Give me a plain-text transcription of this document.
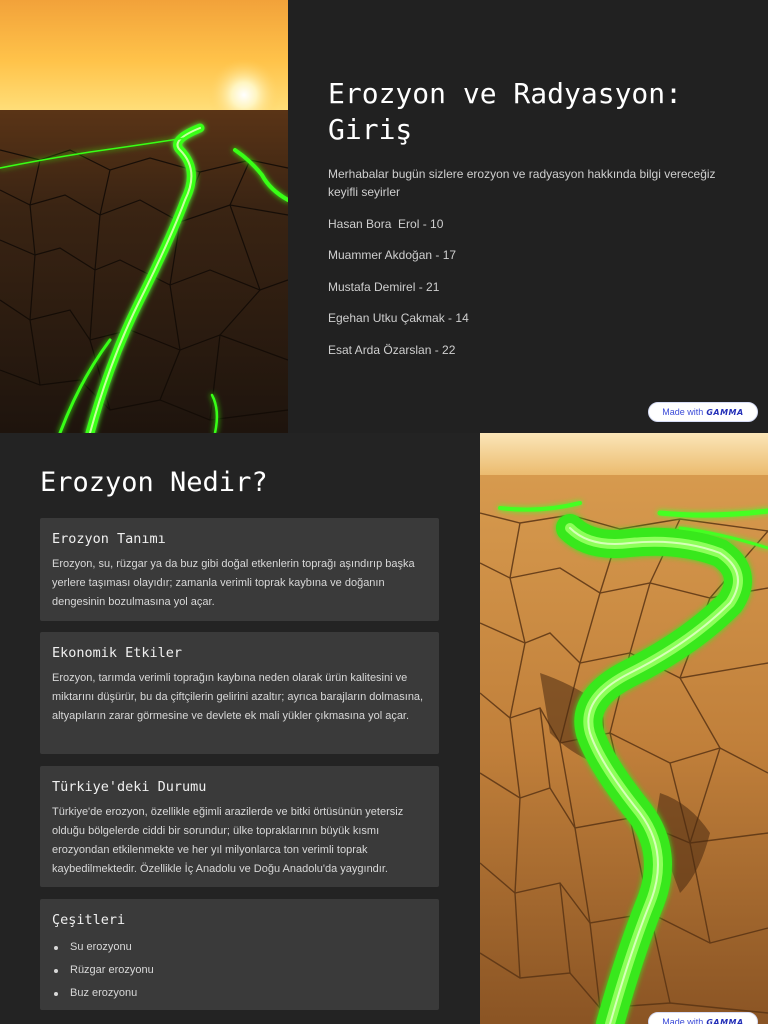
Erozyon ve Radyasyon: Giriş

Merhabalar bugün sizlere erozyon ve radyasyon hakkında bilgi vereceğiz keyifli seyirler

Hasan Bora  Erol - 10
Muammer Akdoğan - 17
Mustafa Demirel - 21
Egehan Utku Çakmak - 14
Esat Arda Özarslan - 22
Made with GAMMA
Erozyon Nedir?
Erozyon Tanımı

Erozyon, su, rüzgar ya da buz gibi doğal etkenlerin toprağı aşındırıp başka yerlere taşıması olayıdır; zamanla verimli toprak kaybına ve doğanın dengesinin bozulmasına yol açar.

Ekonomik Etkiler

Erozyon, tarımda verimli toprağın kaybına neden olarak ürün kalitesini ve miktarını düşürür, bu da çiftçilerin gelirini azaltır; ayrıca barajların dolmasına, altyapıların zarar görmesine ve devlete ek mali yükler çıkmasına yol açar.

Türkiye'deki Durumu

Türkiye'de erozyon, özellikle eğimli arazilerde ve bitki örtüsünün yetersiz olduğu bölgelerde ciddi bir sorundur; ülke topraklarının büyük kısmı erozyondan etkilenmekte ve her yıl milyonlarca ton verimli toprak kaybedilmektedir. Özellikle İç Anadolu ve Doğu Anadolu'da yaygındır.

Çeşitleri
Su erozyonu
Rüzgar erozyonu
Buz erozyonu
Made with GAMMA
